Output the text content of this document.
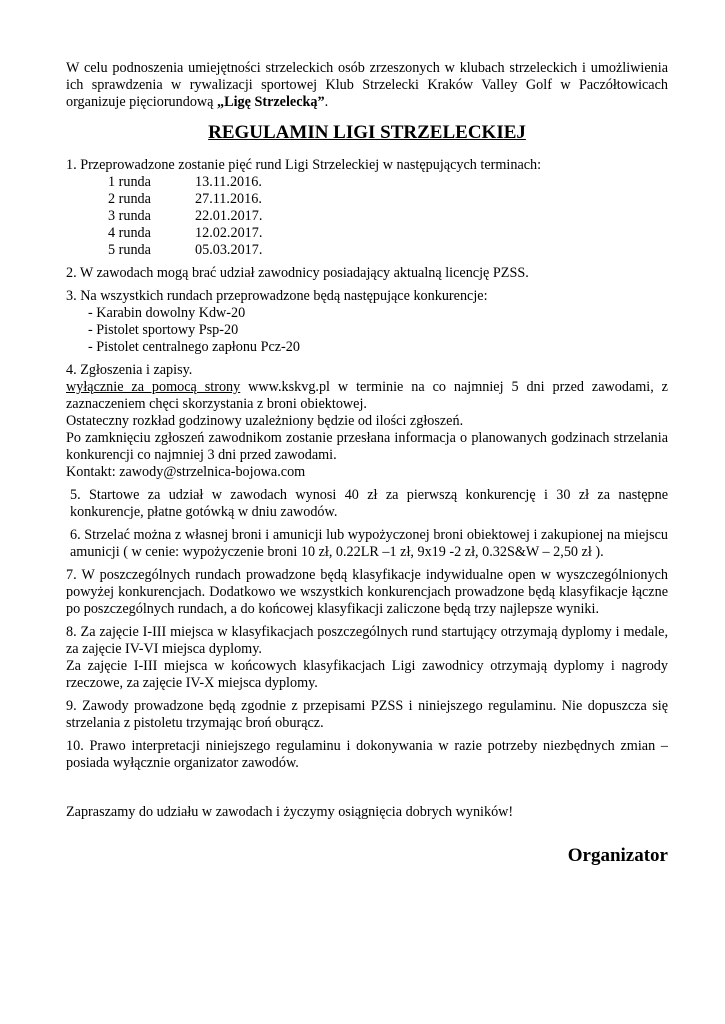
W celu podnoszenia umiejętności strzeleckich osób zrzeszonych w klubach strzeleckich i umożliwienia ich sprawdzenia w rywalizacji sportowej Klub Strzelecki Kraków Valley Golf w Paczółtowicach organizuje pięciorundową „Ligę Strzelecką”.

REGULAMIN LIGI STRZELECKIEJ

1. Przeprowadzone zostanie pięć rund Ligi Strzeleckiej w następujących terminach:

1 runda	13.11.2016.
2 runda	27.11.2016.
3 runda	22.01.2017.
4 runda	12.02.2017.
5 runda	05.03.2017.

2. W zawodach mogą brać udział zawodnicy posiadający aktualną licencję PZSS.

3. Na wszystkich rundach przeprowadzone będą następujące konkurencje:

- Karabin dowolny Kdw-20

- Pistolet sportowy Psp-20

- Pistolet centralnego zapłonu Pcz-20

4. Zgłoszenia i zapisy.

wyłącznie za pomocą strony www.kskvg.pl w terminie na co najmniej 5 dni przed zawodami, z zaznaczeniem chęci skorzystania z broni obiektowej.

Ostateczny rozkład godzinowy uzależniony będzie od ilości zgłoszeń.

Po zamknięciu zgłoszeń zawodnikom zostanie przesłana informacja o planowanych godzinach strzelania konkurencji co najmniej 3 dni przed zawodami.

Kontakt: zawody@strzelnica-bojowa.com

5. Startowe za udział w zawodach wynosi 40 zł za pierwszą konkurencję i 30 zł za następne konkurencje, płatne gotówką w dniu zawodów.

6. Strzelać można z własnej broni i amunicji lub wypożyczonej broni obiektowej i zakupionej na miejscu amunicji ( w cenie: wypożyczenie broni 10 zł, 0.22LR –1 zł, 9x19 -2 zł, 0.32S&W – 2,50 zł ).

7. W poszczególnych rundach prowadzone będą klasyfikacje indywidualne open w wyszczególnionych powyżej konkurencjach. Dodatkowo we wszystkich konkurencjach prowadzone będą klasyfikacje łączne po poszczególnych rundach, a do końcowej klasyfikacji zaliczone będą trzy najlepsze wyniki.

8. Za zajęcie I-III miejsca w klasyfikacjach poszczególnych rund startujący otrzymają dyplomy i medale, za zajęcie IV-VI miejsca dyplomy.

Za zajęcie I-III miejsca w końcowych klasyfikacjach Ligi zawodnicy otrzymają dyplomy i nagrody rzeczowe, za zajęcie IV-X miejsca dyplomy.

9. Zawody prowadzone będą zgodnie z przepisami PZSS i niniejszego regulaminu. Nie dopuszcza się strzelania z pistoletu trzymając broń oburącz.

10. Prawo interpretacji niniejszego regulaminu i dokonywania w razie potrzeby niezbędnych zmian – posiada wyłącznie organizator zawodów.

Zapraszamy do udziału w zawodach i życzymy osiągnięcia dobrych wyników!

Organizator
